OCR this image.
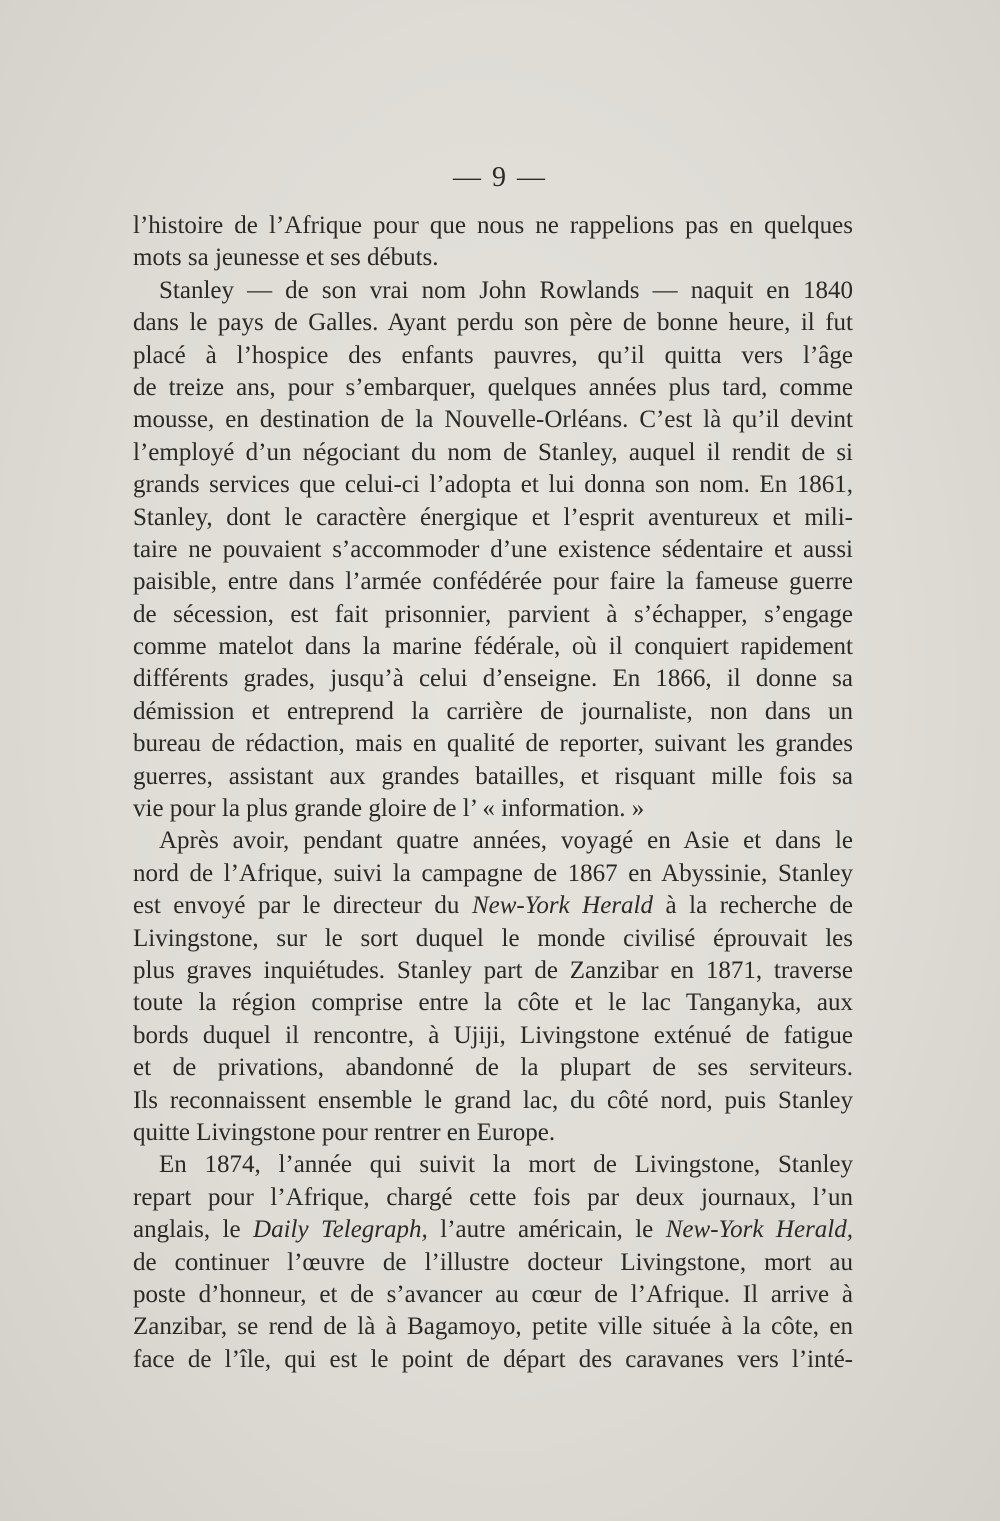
— 9 —
l’histoire de l’Afrique pour que nous ne rappelions pas en quelques
mots sa jeunesse et ses débuts.
Stanley — de son vrai nom John Rowlands — naquit en 1840
dans le pays de Galles. Ayant perdu son père de bonne heure, il fut
placé à l’hospice des enfants pauvres, qu’il quitta vers l’âge
de treize ans, pour s’embarquer, quelques années plus tard, comme
mousse, en destination de la Nouvelle-Orléans. C’est là qu’il devint
l’employé d’un négociant du nom de Stanley, auquel il rendit de si
grands services que celui-ci l’adopta et lui donna son nom. En 1861,
Stanley, dont le caractère énergique et l’esprit aventureux et mili-
taire ne pouvaient s’accommoder d’une existence sédentaire et aussi
paisible, entre dans l’armée confédérée pour faire la fameuse guerre
de sécession, est fait prisonnier, parvient à s’échapper, s’engage
comme matelot dans la marine fédérale, où il conquiert rapidement
différents grades, jusqu’à celui d’enseigne. En 1866, il donne sa
démission et entreprend la carrière de journaliste, non dans un
bureau de rédaction, mais en qualité de reporter, suivant les grandes
guerres, assistant aux grandes batailles, et risquant mille fois sa
vie pour la plus grande gloire de l’ « information. »
Après avoir, pendant quatre années, voyagé en Asie et dans le
nord de l’Afrique, suivi la campagne de 1867 en Abyssinie, Stanley
est envoyé par le directeur du New-York Herald à la recherche de
Livingstone, sur le sort duquel le monde civilisé éprouvait les
plus graves inquiétudes. Stanley part de Zanzibar en 1871, traverse
toute la région comprise entre la côte et le lac Tanganyka, aux
bords duquel il rencontre, à Ujiji, Livingstone exténué de fatigue
et de privations, abandonné de la plupart de ses serviteurs.
Ils reconnaissent ensemble le grand lac, du côté nord, puis Stanley
quitte Livingstone pour rentrer en Europe.
En 1874, l’année qui suivit la mort de Livingstone, Stanley
repart pour l’Afrique, chargé cette fois par deux journaux, l’un
anglais, le Daily Telegraph, l’autre américain, le New-York Herald,
de continuer l’œuvre de l’illustre docteur Livingstone, mort au
poste d’honneur, et de s’avancer au cœur de l’Afrique. Il arrive à
Zanzibar, se rend de là à Bagamoyo, petite ville située à la côte, en
face de l’île, qui est le point de départ des caravanes vers l’inté-
